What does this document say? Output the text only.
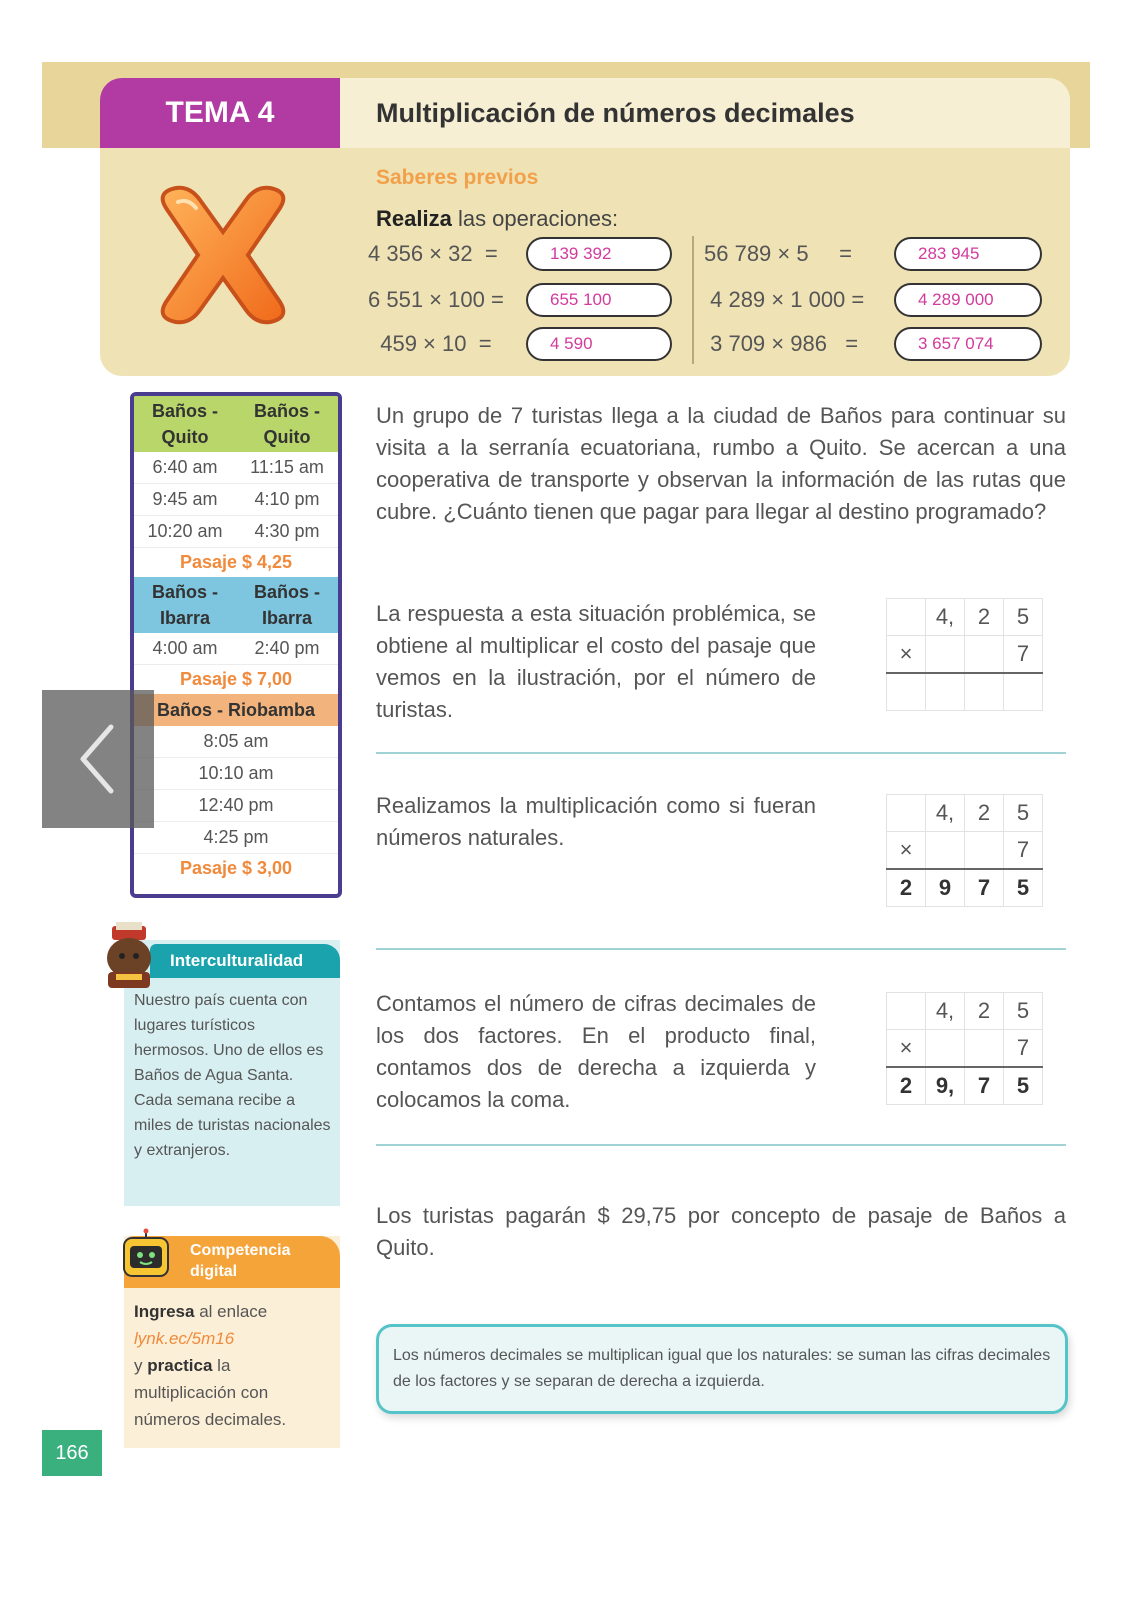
TEMA 4	Multiplicación de números decimales
Saberes previos
Realiza las operaciones:
4 356 × 32  =	139 392
6 551 × 100 =	655 100
459 × 10  =	4 590
56 789 × 5     =	283 945
4 289 × 1 000 =	4 289 000
3 709 × 986   =	3 657 074
Baños - Quito
Baños - Quito
6:40 am	11:15 am
9:45 am	4:10 pm
10:20 am	4:30 pm
Pasaje $ 4,25
Baños - Ibarra
Baños - Ibarra
4:00 am	2:40 pm
Pasaje $ 7,00
Baños - Riobamba
8:05 am
10:10 am
12:40 pm
4:25 pm
Pasaje $ 3,00
Interculturalidad
Nuestro país cuenta con lugares turísticos hermosos. Uno de ellos es Baños de Agua Santa. Cada semana recibe a miles de turistas nacionales y extranjeros.
Competencia digital
Ingresa al enlace
lynk.ec/5m16
y practica la multiplicación con números decimales.
166
Un grupo de 7 turistas llega a la ciudad de Baños para continuar su visita a la serranía ecuatoriana, rumbo a Quito. Se acercan a una cooperativa de transporte y observan la información de las rutas que cubre. ¿Cuánto tienen que pagar para llegar al destino programado?
La respuesta a esta situación problémica, se obtiene al multiplicar el costo del pasaje que vemos en la ilustración, por el número de turistas.
	4,	2	5
×			7

Realizamos la multiplicación como si fueran números naturales.
	4,	2	5
×			7
2	9	7	5
Contamos el número de cifras decimales de los dos factores. En el producto final, contamos dos de derecha a izquierda y colocamos la coma.
	4,	2	5
×			7
2	9,	7	5
Los turistas pagarán $ 29,75 por concepto de pasaje de Baños a Quito.
Los números decimales se multiplican igual que los naturales: se suman las cifras decimales de los factores y se separan de derecha a izquierda.
